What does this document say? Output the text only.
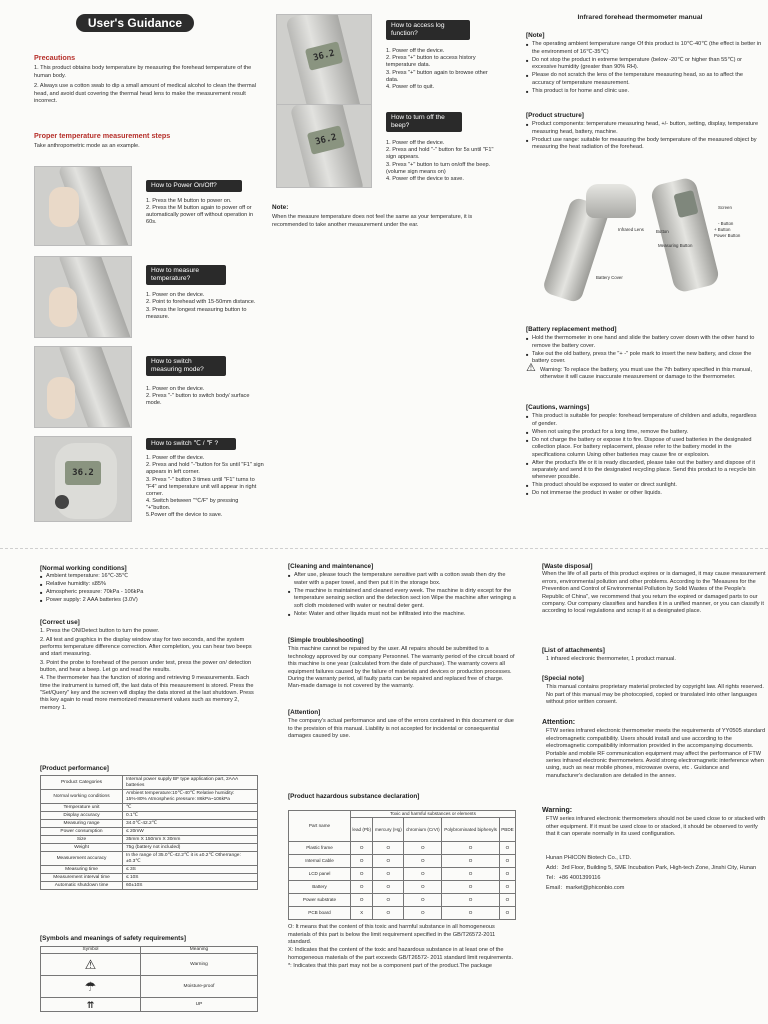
User's Guidance
Precautions

1. This product obtains body temperature by measuring the forehead temperature of the human body.

2. Always use a cotton swab to dip a small amount of medical alcohol to clean the thermal head, and avoid dust covering the thermal head lens to make the measurement result incorrect.

Proper temperature measurement steps

Take anthropometric mode as an example.

How to Power On/Off?
1. Press the M button to power on.
2. Press the M button again to power off or automatically power off without operation in 60s.
How to measure temperature?
1. Power on the device.
2. Point to forehead with 15-50mm distance.
3. Press the longest measuring button to measure.
How to switch measuring mode?
1. Power on the device.
2. Press "-" button to switch body/ surface mode.
36.2
How to switch ℃ / ℉ ?
1. Power off the device.
2. Press and hold "-"button for 5s until "F1" sign appears in left corner.
3. Press "-" button 3 times until "F1" turns to "F4" and temperature unit will appear in right corner.
4. Switch between "℃/F" by pressing "+"button.
5.Power off the device to save.
36.2
How to access log function?
1. Power off the device.
2. Press "+" button to access history temperature data.
3. Press "+" button again to browse other data.
4. Power off to quit.
36.2
How to turn off the beep?
1. Power off the device.
2. Press and hold "-" button for 5s until "F1" sign appears.
3. Press "+" button to turn on/off the beep. (volume sign means on)
4. Power off the device to save.
Note:

When the measure temperature does not feel the same as your temperature, it is recommended to take another measurement under the ear.

Infrared forehead thermometer manual
[Note]
■ The operating ambient temperature range Of this product is 10℃-40℃ (the effect is better in the environment of 16℃-35℃)
■ Do not stop the product in extreme temperature (below -20℃ or higher than 55℃) or excessive humidity (greater than 90% RH).
■ Please do not scratch the lens of the temperature measuring head, so as to affect the accuracy of temperature measurement.
■ This product is for home and clinic use.
[Product structure]
■ Product components: temperature measuring head, +/- button, setting, display, temperature measuring head, battery, machine.
■ Product use range: suitable for measuring the body temperature of the measured object by measuring the heat radiation of the forehead.
Screen
- Button
+ Button
Power Button
Infrared Lens	Button
Measuring Button
Battery Cover
[Battery replacement method]
■ Hold the thermometer in one hand and slide the battery cover down with the other hand to remove the battery cover.
■ Take out the old battery, press the "+ -" pole mark to insert the new battery, and close the battery cover.
⚠ Warning: To replace the battery, you must use the 7th battery specified in this manual, otherwise it will cause inaccurate measurement or damage to the thermometer.
[Cautions, warnings]
■ This product is suitable for people: forehead temperature of children and adults, regardless of gender.
■ When not using the product for a long time, remove the battery.
■ Do not charge the battery or expose it to fire. Dispose of used batteries in the designated collection place. For battery replacement, please refer to the battery model in the specifications column Using other batteries may cause fire or explosion.
■ After the product's life or it is ready discarded, please take out the battery and dispose of it separately and send it to the designated recycling place. Send this product to a recycle bin whenever possible.
■ This product should be exposed to water or direct sunlight.
■ Do not immerse the product in water or other liquids.
[Normal working conditions]
■ Ambient temperature: 16℃-35℃
■ Relative humidity: ≤85%
■ Atmospheric pressure: 70kPa - 106kPa
■ Power supply: 2 AAA batteries (3.0V)
[Correct use]

1. Press the ON/Detect button to turn the power.

2. All test and graphics in the display window stay for two seconds, and the system performs temperature difference correction. After completion, you can hear two beeps and start measuring.

3. Point the probe to forehead of the person under test, press the power on/ detection button, and hear a beep. Let go and read the results.

4. The thermometer has the function of storing and retrieving 9 measurements. Each time the instrument is turned off, the last data of this measurement is stored. Press the "Set/Query" key and the screen will display the data stored at the last shutdown. Press this key again to read more memorized measurement values such as memory 2, memory 1.

[Product performance]
Product Categories	Internal power supply BF type application part, 2AAA batteries
Normal working conditions	Ambient temperature:10℃-40℃ Relative humidity: 15%-80% Atmospheric pressure: 86kPa~106kPa
Temperature unit	℃
Display accuracy	0.1℃
Measuring range	34.0℃-42.2℃
Power consumption	≤ 20mW
Size	35mm X 150mm X 30mm
Weight	75g (battery not included)
Measurement accuracy	In the range of 35.0℃-42.2℃ it is ±0.2℃ Otherrange: ±0.3℃
Measuring time	≤ 3S
Measurement interval time	≤ 10S
Automatic shutdown time	60±10S
[Symbols and meanings of safety requirements]
Symbol	Meaning
⚠	Warning
☂	Moisture-proof
⇈	UP
[Cleaning and maintenance]
■ After use, please touch the temperature sensitive part with a cotton swab then dry the water with a paper towel, and then put it in the storage box.
■ The machine is maintained and cleaned every week. The machine is dirty except for the temperature sensing section and the detection sect ion Wipe the machine after wringing a soft cloth moistened with water or neutral deter gent.
■ Note: Water and other liquids must not be infiltrated into the machine.
[Simple troubleshooting]

This machine cannot be repaired by the user. All repairs should be submitted to a technology approved by our company Personnel. The warranty period of the circuit board of this machine is one year (calculated from the date of purchase). The warranty covers all equipment failures caused by the failure of materials and devices or production processes. During the warranty period, all faulty parts can be repaired and replaced free of charge. Man-made damage is not covered by the warranty.

[Attention]

The company's actual performance and use of the errors contained in this document or due to the provision of this manual. Liability is not accepted for incidental or consequential damages caused by use.

[Product hazardous substance declaration]
Part name	Toxic and harmful substances or elements				
	lead (Pb)	mercury (Hg)	chromium (CrVI)	Polybrominated biphenyls	PBDE
Plastic frame	O	O	O	O	O
Internal Cable	O	O	O	O	O
LCD panel	O	O	O	O	O
Battery	O	O	O	O	O
Power substrate	O	O	O	O	O
PCB board	X	O	O	O	O

O: It means that the content of this toxic and harmful substance in all homogeneous materials of this part is below the limit requirement specified in the GB/T26572-2011 standard.

X: Indicates that the content of the toxic and hazardous substance in at least one of the homogeneous materials of the part exceeds GB/T26572- 2011 standard limit requirements.

*: Indicates that this part may not be a component part of the product.The package

[Waste disposal]

When the life of all parts of this product expires or is damaged, it may cause measurement errors, environmental pollution and other problems. According to the "Measures for the Prevention and Control of Environmental Pollution by Solid Wastes of the People's Republic of China", we recommend that you return the expired or damaged parts to our company. Our company classifies and handles it in a unified manner, or you can classify it according to local regulations and scrap it at a designated place.

[List of attachments]

1 infrared electronic thermometer, 1 product manual.

[Special note]

This manual contains proprietary material protected by copyright law. All rights reserved. No part of this manual may be photocopied, copied or translated into other languages without prior written consent.

Attention:

FTW series infrared electronic thermometer meets the requirements of YY0505 standard electromagnetic compatibility. Users should install and use according to the electromagnetic compatibility information provided in the accompanying documents. Portable and mobile RF communication equipment may affect the performance of FTW series infrared electronic thermometers. Avoid strong electromagnetic interference when using, such as near mobile phones, microwave ovens, etc . Guidance and manufacturer's declaration are detailed in the annex.

Warning:

FTW series infrared electronic thermometers should not be used close to or stacked with other equipment. If it must be used close to or stacked, it should be observed to verify that it can operate normally in its used configuration.

Hunan PHICON Biotech Co., LTD.
Add：3rd Floor, Building 5, SME Incubation Park, High-tech Zone, Jinshi City, Hunan
Tel：+86 4001399116
Email：market@phiconbio.com
